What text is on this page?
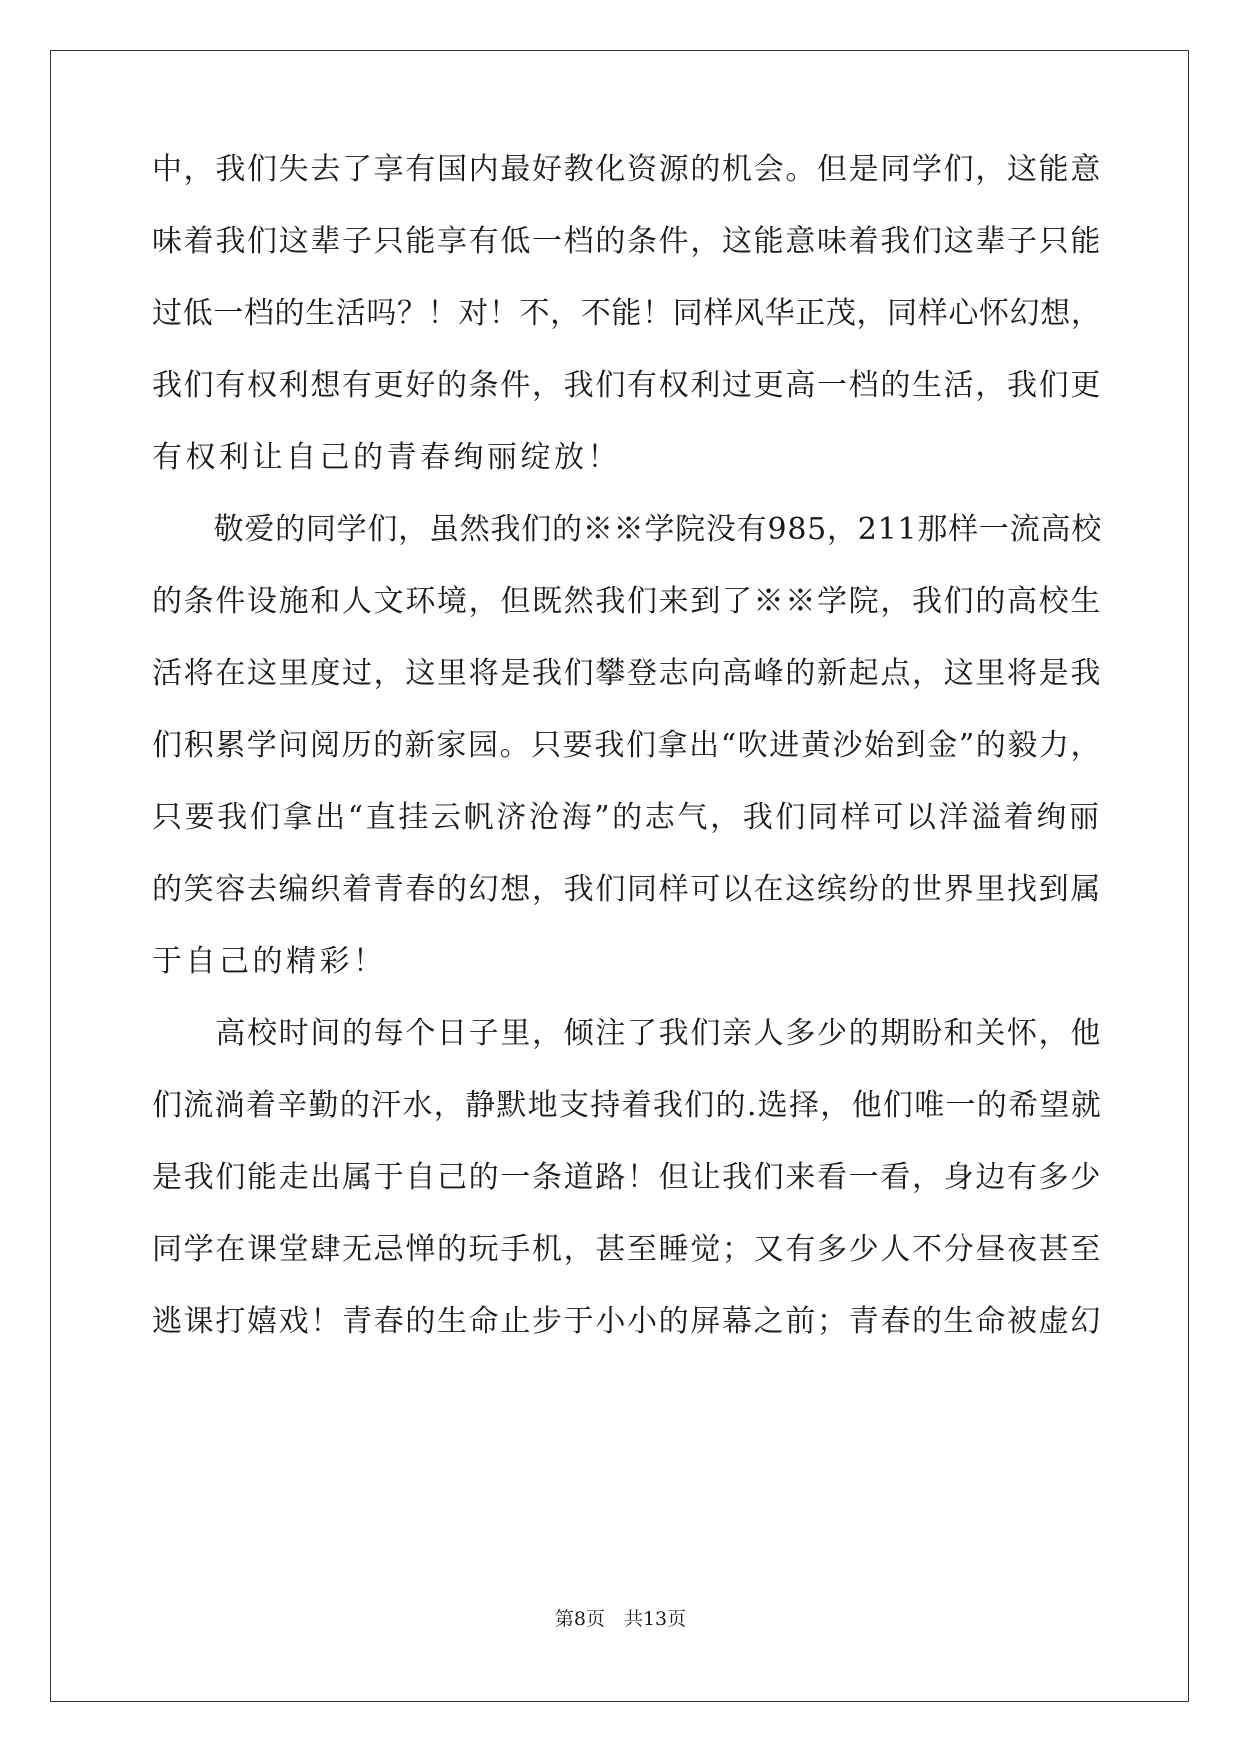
中，我们失去了享有国内最好教化资源的机会。但是同学们，这能意
味着我们这辈子只能享有低一档的条件，这能意味着我们这辈子只能
过低一档的生活吗？！对！不，不能！同样风华正茂，同样心怀幻想，
我们有权利想有更好的条件，我们有权利过更高一档的生活，我们更
有权利让自己的青春绚丽绽放！
　　敬爱的同学们，虽然我们的※※学院没有985，211那样一流高校
的条件设施和人文环境，但既然我们来到了※※学院，我们的高校生
活将在这里度过，这里将是我们攀登志向高峰的新起点，这里将是我
们积累学问阅历的新家园。只要我们拿出“吹进黄沙始到金”的毅力，
只要我们拿出“直挂云帆济沧海”的志气，我们同样可以洋溢着绚丽
的笑容去编织着青春的幻想，我们同样可以在这缤纷的世界里找到属
于自己的精彩！
　　高校时间的每个日子里，倾注了我们亲人多少的期盼和关怀，他
们流淌着辛勤的汗水，静默地支持着我们的.选择，他们唯一的希望就
是我们能走出属于自己的一条道路！但让我们来看一看，身边有多少
同学在课堂肆无忌惮的玩手机，甚至睡觉；又有多少人不分昼夜甚至
逃课打嬉戏！青春的生命止步于小小的屏幕之前；青春的生命被虚幻
第8页　共13页
